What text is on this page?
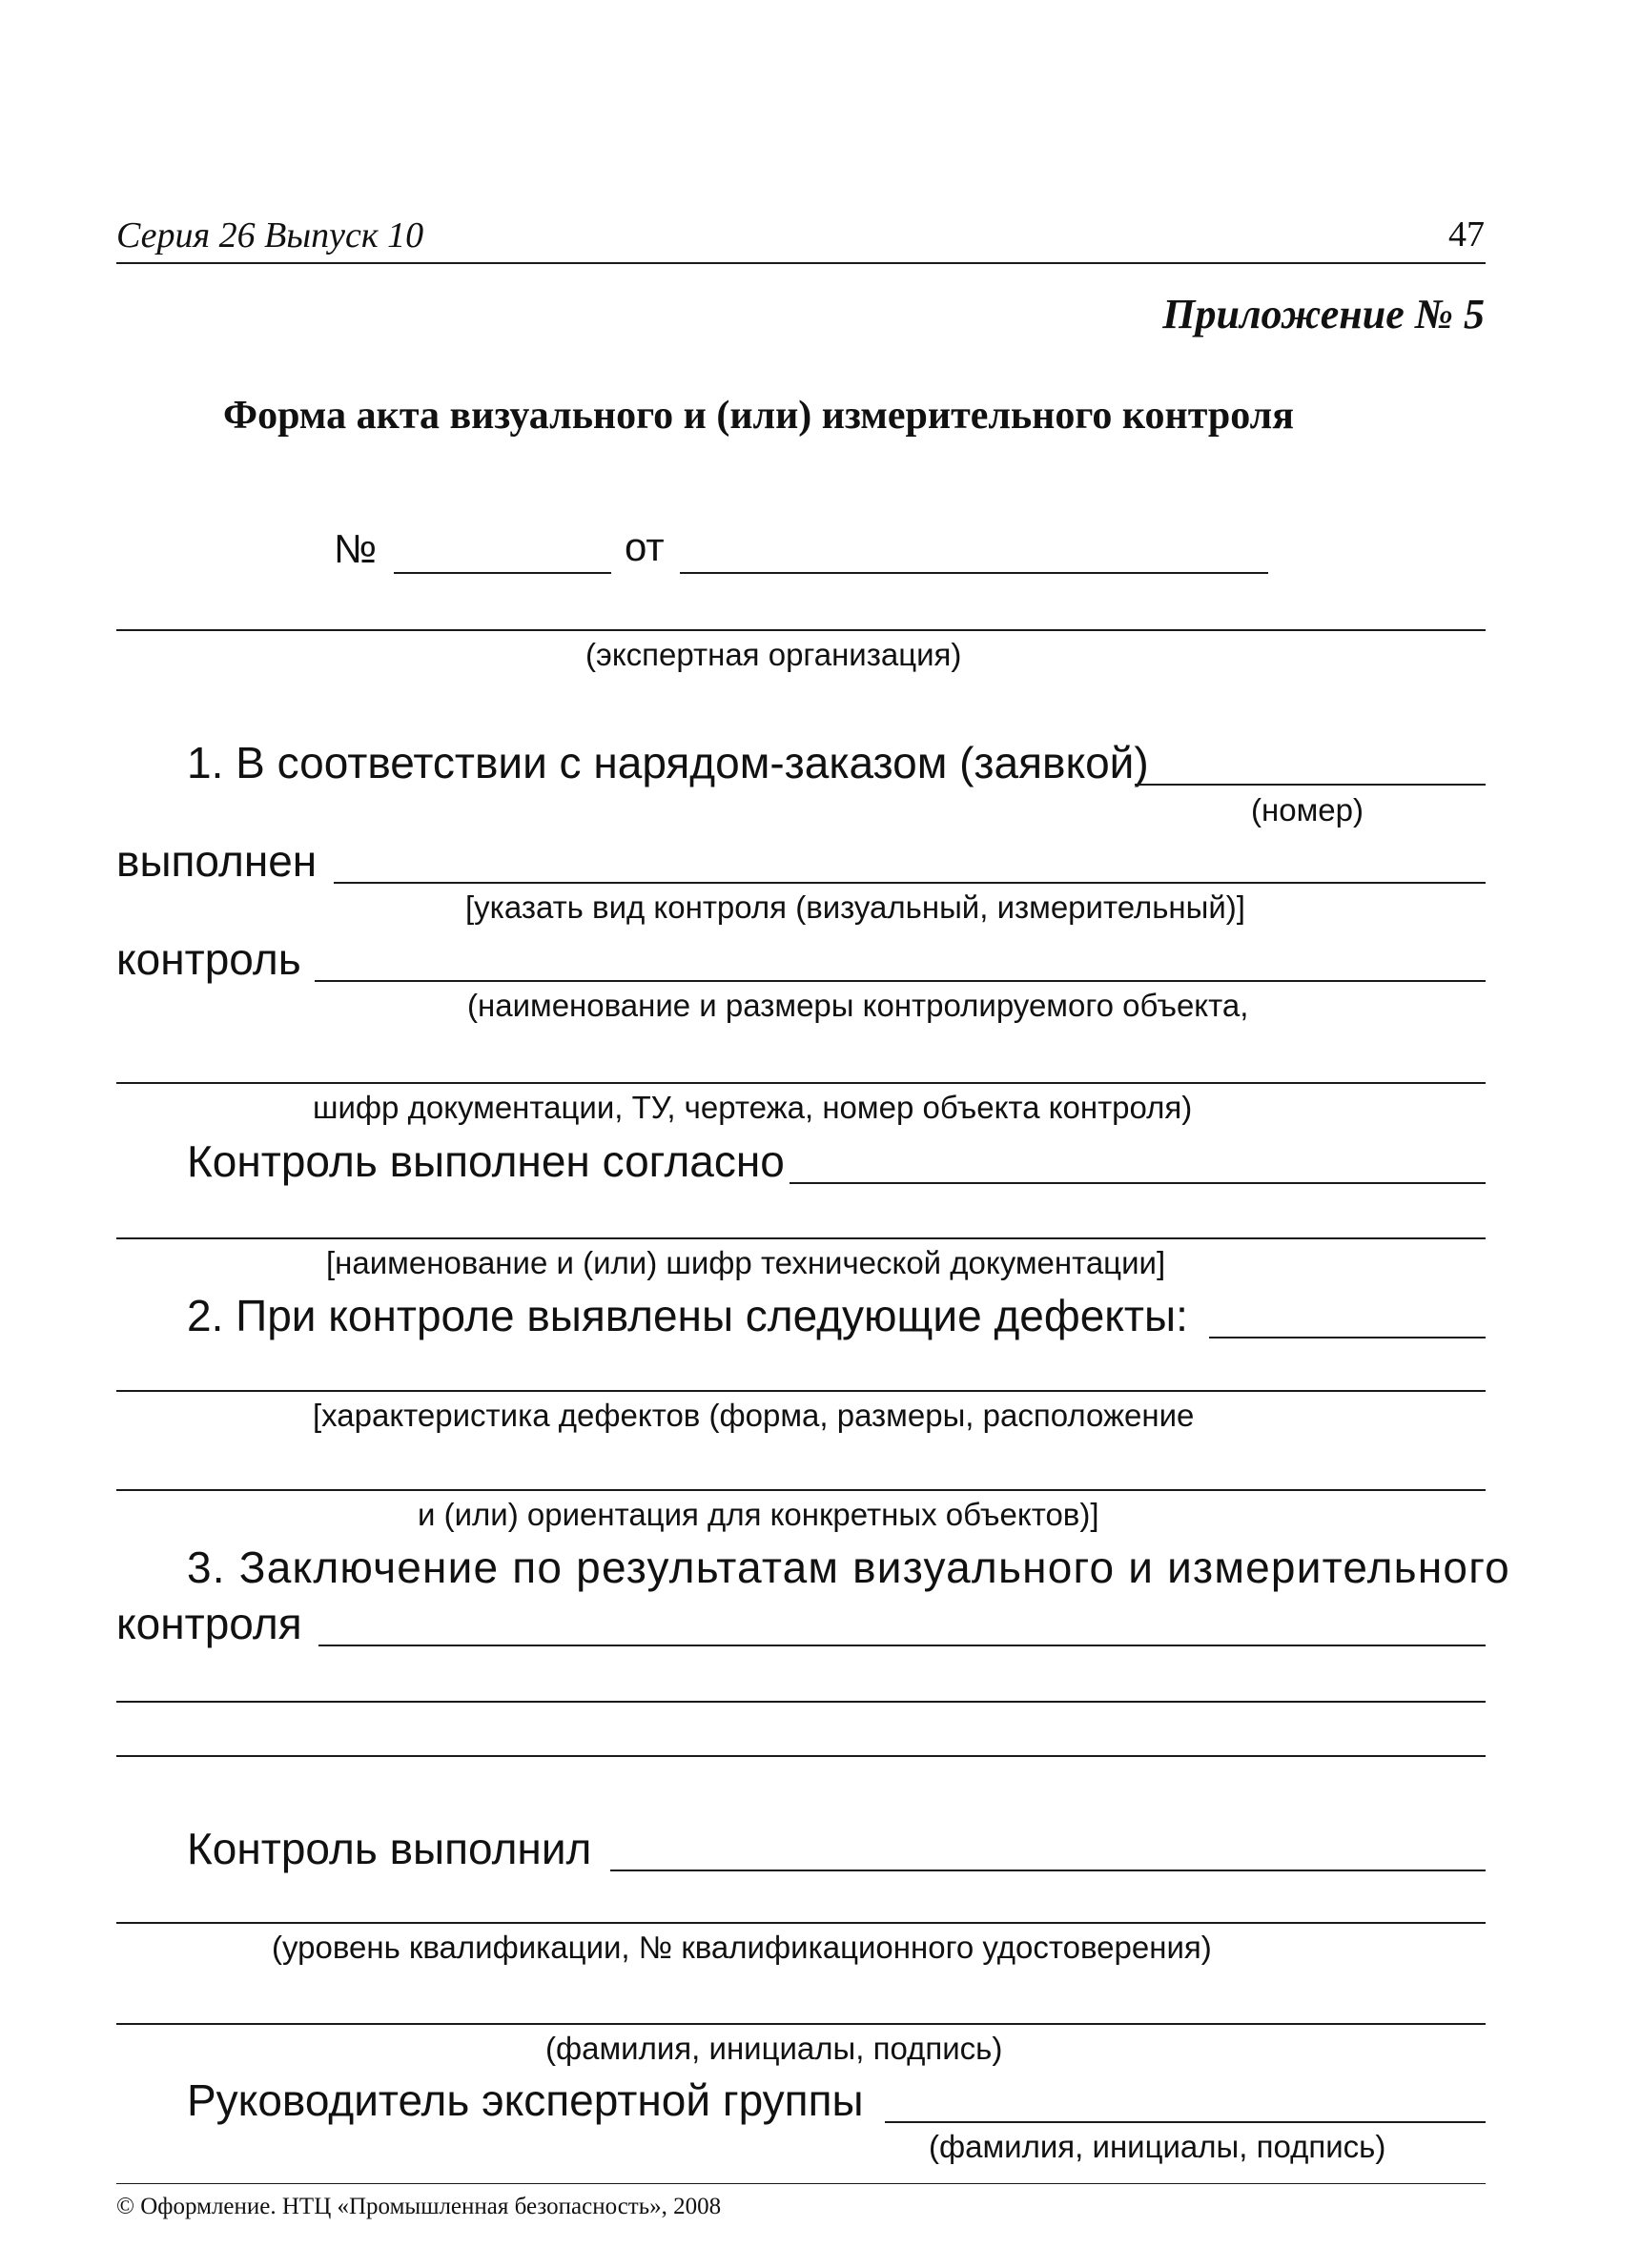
Серия 26 Выпуск 10	47
Приложение № 5
Форма акта визуального и (или) измерительного контроля
№	от
(экспертная организация)
1. В соответствии с нарядом-заказом (заявкой)
(номер)
выполнен
[указать вид контроля (визуальный, измерительный)]
контроль
(наименование и размеры контролируемого объекта,
шифр документации, ТУ, чертежа, номер объекта контроля)
Контроль выполнен согласно
[наименование и (или) шифр технической документации]
2. При контроле выявлены следующие дефекты:
[характеристика дефектов (форма, размеры, расположение
и (или) ориентация для конкретных объектов)]
3. Заключение по результатам визуального и измерительного
контроля
Контроль выполнил
(уровень квалификации, № квалификационного удостоверения)
(фамилия, инициалы, подпись)
Руководитель экспертной группы
(фамилия, инициалы, подпись)
© Оформление. НТЦ «Промышленная безопасность», 2008
